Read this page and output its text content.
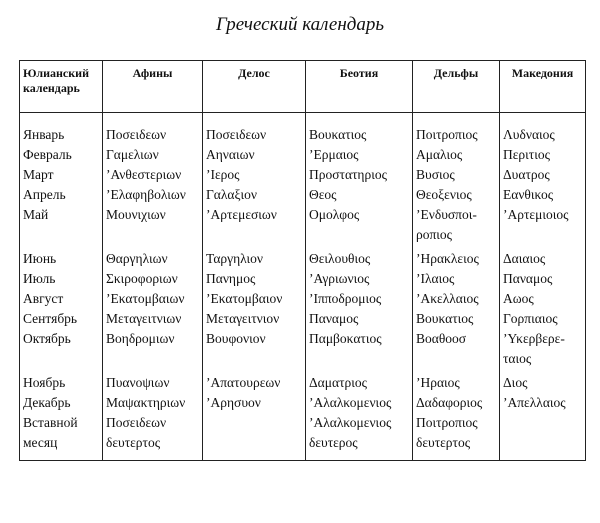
Греческий календарь
Юлианский календарь	Афины	Делос	Беотия	Дельфы	Македония
Январь	Ποσειδεων	Ποσειδεων	Βουκατιος	Ποιτροπιος	Λυδναιος
Февраль	Γαμελιων	Αηναιων	ʼΕρμαιος	Αμαλιος	Περιτιος
Март	ʼΑνθεστεριων	ʼΙερος	Προστατηριος	Βυσιος	Δυατρος
Апрель	ʼΕλαφηβολιων	Γαλαξιον	Θεος	Θεοξενιος	Εανθικος
Май	Μουνιχιων	ʼΑρτεμεσιων	Ομολφος	ʼΕνδυσποι- ροπιος	ʼΑρτεμιοιος
Июнь	Θαργηλιων	Ταργηλιον	Θειλουθιος	ʼΗρακλειος	Δαιαιος
Июль	Σκιροφοριων	Πανημος	ʼΑγριωνιος	ʼΙλαιος	Παναμος
Август	ʼΕκατομβαιων	ʼΕκατομβαιον	ʼΙπποδρομιος	ʼΑκελλαιος	Αωος
Сентябрь	Μεταγειτνιων	Μεταγειτνιον	Παναμος	Βουκατιος	Γορπιαιος
Октябрь	Βοηδρομιων	Βουφονιον	Παμβοκατιος	Βοαθοοσ	ʼΥκερβερε- ταιος
Ноябрь	Πυανοψιων	ʼΑπατουρεων	Δαματριος	ʼΗραιος	Διος
Декабрь	Μαψακτηριων	ʼΑρησυον	ʼΑλαλκομενιος	Δαδαφοριος	ʼΑπελλαιος
Вставной месяц	Ποσειδεων δευτερτος		ʼΑλαλκομενιος δευτερος	Ποιτροπιος δευτερτος	
